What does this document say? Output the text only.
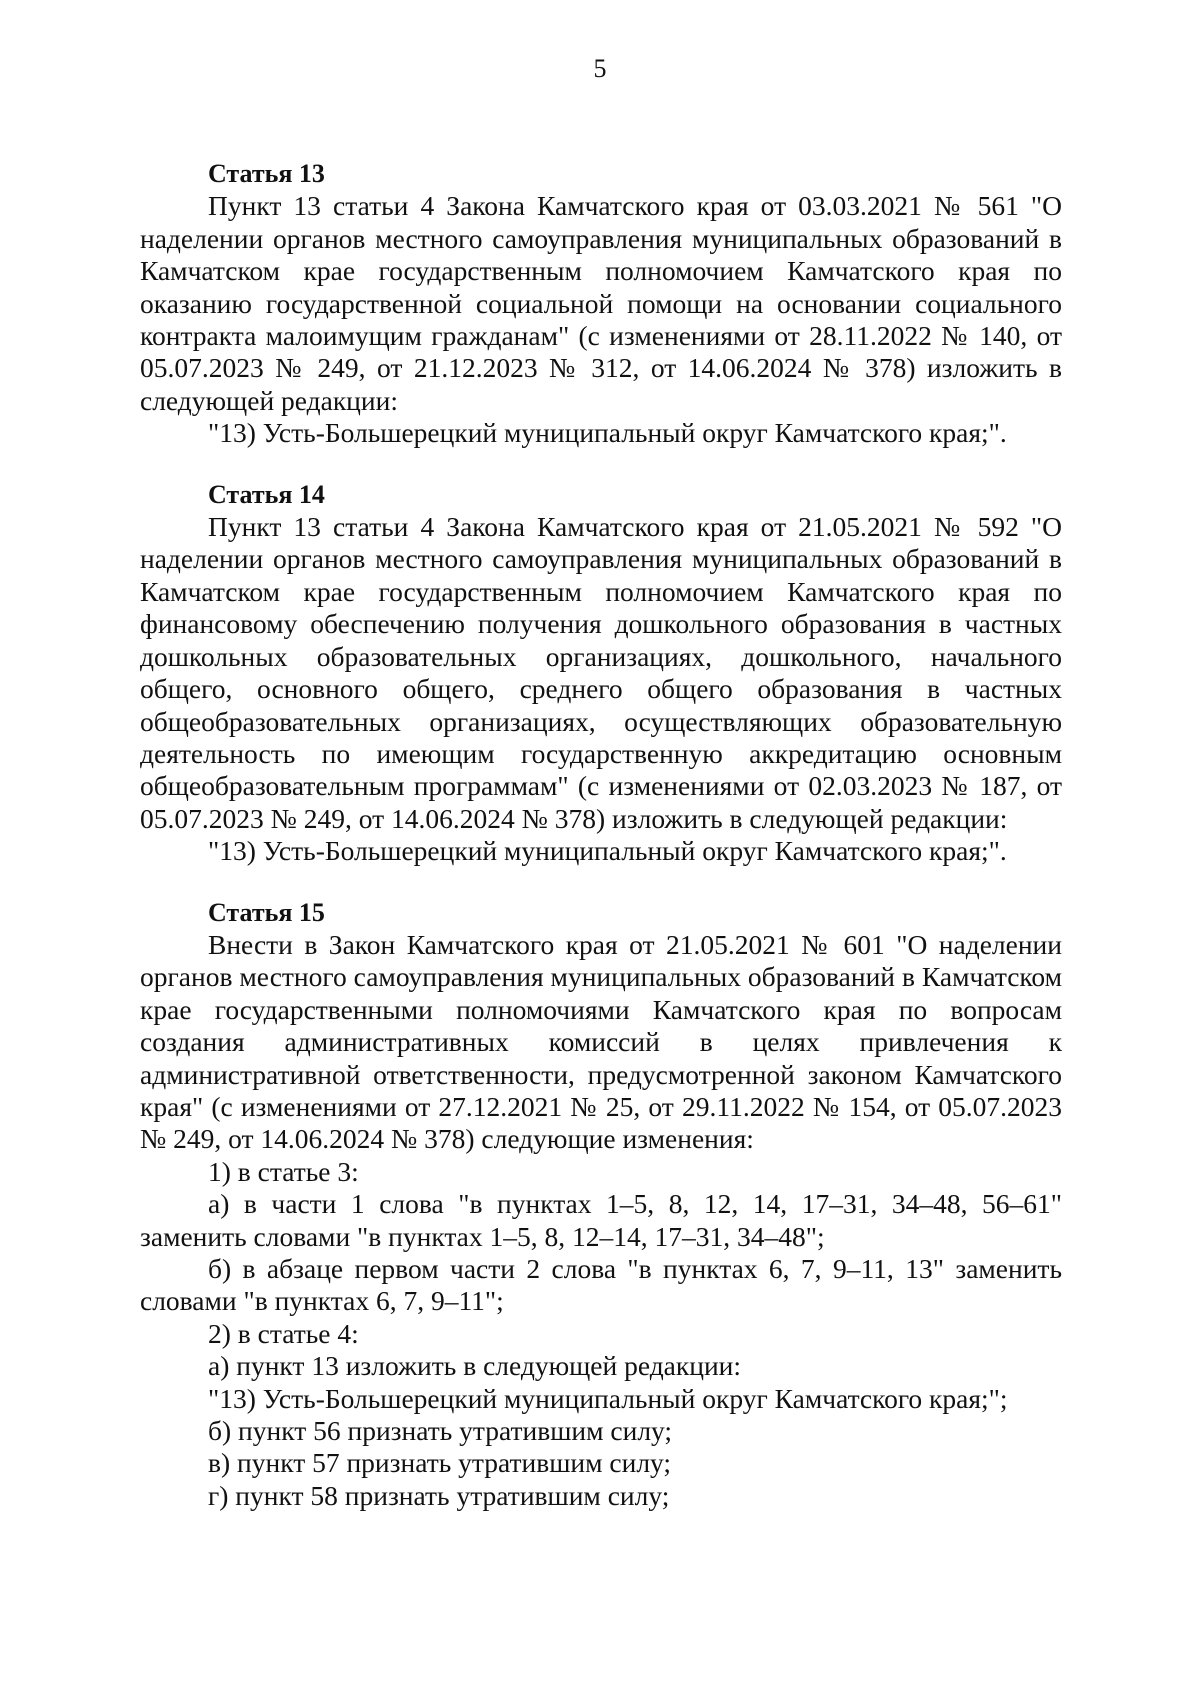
5
Статья 13

Пункт 13 статьи 4 Закона Камчатского края от 03.03.2021 № 561 "О наделении органов местного самоуправления муниципальных образований в Камчатском крае государственным полномочием Камчатского края по оказанию государственной социальной помощи на основании социального контракта малоимущим гражданам" (с изменениями от 28.11.2022 № 140, от 05.07.2023 № 249, от 21.12.2023 № 312, от 14.06.2024 № 378) изложить в следующей редакции:

"13) Усть-Большерецкий муниципальный округ Камчатского края;".

Статья 14

Пункт 13 статьи 4 Закона Камчатского края от 21.05.2021 № 592 "О наделении органов местного самоуправления муниципальных образований в Камчатском крае государственным полномочием Камчатского края по финансовому обеспечению получения дошкольного образования в частных дошкольных образовательных организациях, дошкольного, начального общего, основного общего, среднего общего образования в частных общеобразовательных организациях, осуществляющих образовательную деятельность по имеющим государственную аккредитацию основным общеобразовательным программам" (с изменениями от 02.03.2023 № 187, от 05.07.2023 № 249, от 14.06.2024 № 378) изложить в следующей редакции:

"13) Усть-Большерецкий муниципальный округ Камчатского края;".

Статья 15

Внести в Закон Камчатского края от 21.05.2021 № 601 "О наделении органов местного самоуправления муниципальных образований в Камчатском крае государственными полномочиями Камчатского края по вопросам создания административных комиссий в целях привлечения к административной ответственности, предусмотренной законом Камчатского края" (с изменениями от 27.12.2021 № 25, от 29.11.2022 № 154, от 05.07.2023 № 249, от 14.06.2024 № 378) следующие изменения:

1) в статье 3:

а) в части 1 слова "в пунктах 1–5, 8, 12, 14, 17–31, 34–48, 56–61" заменить словами "в пунктах 1–5, 8, 12–14, 17–31, 34–48";

б) в абзаце первом части 2 слова "в пунктах 6, 7, 9–11, 13" заменить словами "в пунктах 6, 7, 9–11";

2) в статье 4:

а) пункт 13 изложить в следующей редакции:

"13) Усть-Большерецкий муниципальный округ Камчатского края;";

б) пункт 56 признать утратившим силу;

в) пункт 57 признать утратившим силу;

г) пункт 58 признать утратившим силу;
